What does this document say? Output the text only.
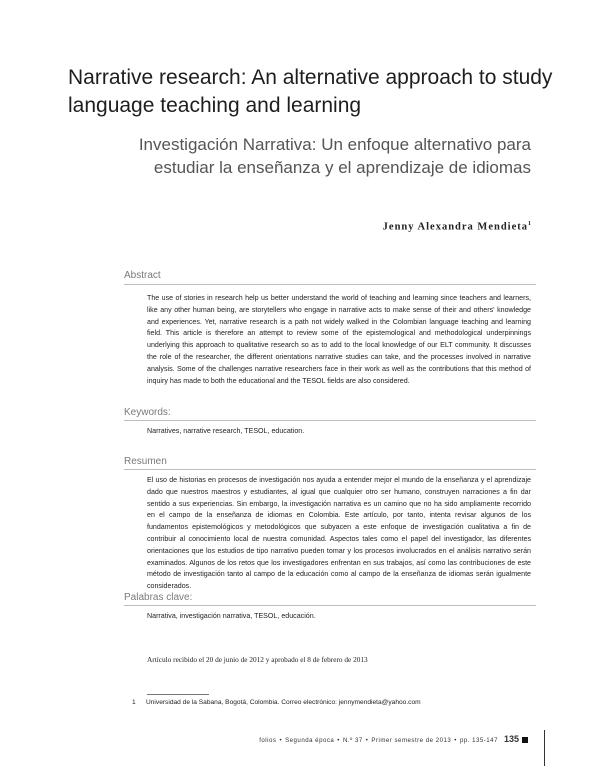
Narrative research: An alternative approach to study language teaching and learning
Investigación Narrativa: Un enfoque alternativo para estudiar la enseñanza y el aprendizaje de idiomas
Jenny Alexandra Mendieta$^1$
Abstract
The use of stories in research help us better understand the world of teaching and learning since teachers and learners, like any other human being, are storytellers who engage in narrative acts to make sense of their and others' knowledge and experiences. Yet, narrative research is a path not widely walked in the Colombian language teaching and learning field. This article is therefore an attempt to review some of the epistemological and methodological underpinnings underlying this approach to qualitative research so as to add to the local knowledge of our ELT community. It discusses the role of the researcher, the different orientations narrative studies can take, and the processes involved in narrative analysis. Some of the challenges narrative researchers face in their work as well as the contributions that this method of inquiry has made to both the educational and the TESOL fields are also considered.
Keywords:
Narratives, narrative research, TESOL, education.
Resumen
El uso de historias en procesos de investigación nos ayuda a entender mejor el mundo de la enseñanza y el aprendizaje dado que nuestros maestros y estudiantes, al igual que cualquier otro ser humano, construyen narraciones a fin dar sentido a sus experiencias. Sin embargo, la investigación narrativa es un camino que no ha sido ampliamente recorrido en el campo de la enseñanza de idiomas en Colombia. Este artículo, por tanto, intenta revisar algunos de los fundamentos epistemológicos y metodológicos que subyacen a este enfoque de investigación cualitativa a fin de contribuir al conocimiento local de nuestra comunidad. Aspectos tales como el papel del investigador, las diferentes orientaciones que los estudios de tipo narrativo pueden tomar y los procesos involucrados en el análisis narrativo serán examinados. Algunos de los retos que los investigadores enfrentan en sus trabajos, así como las contribuciones de este método de investigación tanto al campo de la educación como al campo de la enseñanza de idiomas serán igualmente considerados.
Palabras clave:
Narrativa, investigación narrativa, TESOL, educación.
Artículo recibido el 20 de junio de 2012 y aprobado el 8 de febrero de 2013
1 Universidad de la Sabana, Bogotá, Colombia. Correo electrónico: jennymendieta@yahoo.com
folios • Segunda época • N.º 37 • Primer semestre de 2013 • pp. 135-147 135
